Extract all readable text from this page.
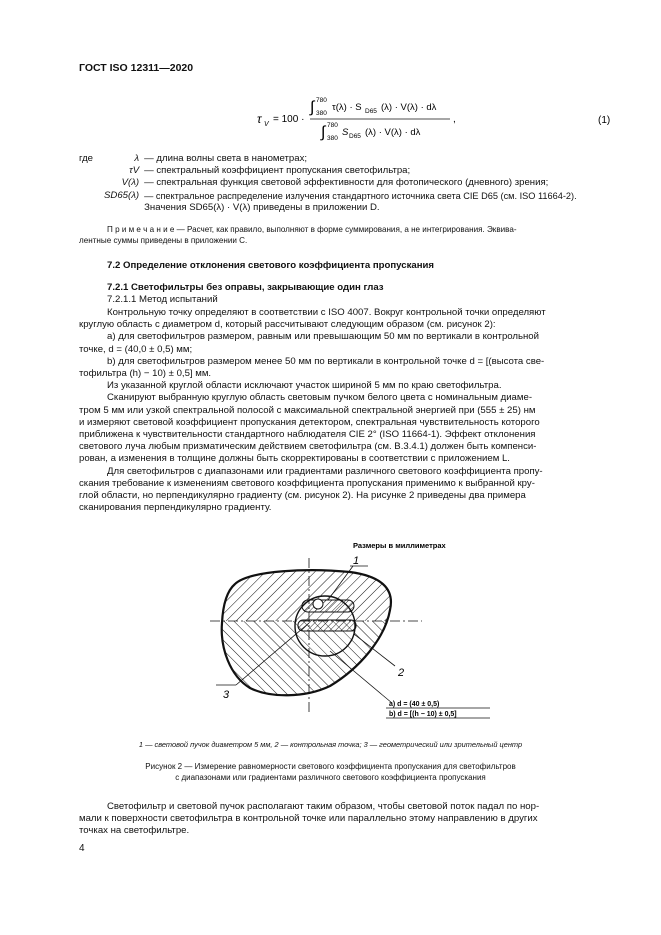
ГОСТ ISO 12311—2020
τ V = 100 ·
∫ 780
380
τ(λ) · S D65 (λ) · V(λ) · dλ
∫ 780
380
S D65 (λ) · V(λ) · dλ
,	(1)
где	λ	— длина волны света в нанометрах;
	τV	— спектральный коэффициент пропускания светофильтра;
	V(λ)	— спектральная функция световой эффективности для фотопического (дневного) зрения;
	SD65(λ)	— спектральное распределение излучения стандартного источника света CIE D65 (см. ISO 11664-2).
		Значения SD65(λ) · V(λ) приведены в приложении D.
П р и м е ч а н и е — Расчет, как правило, выполняют в форме суммирования, а не интегрирования. Эквива-
лентные суммы приведены в приложении C.
7.2 Определение отклонения светового коэффициента пропускания
7.2.1 Светофильтры без оправы, закрывающие один глаз
7.2.1.1 Метод испытаний
Контрольную точку определяют в соответствии с ISO 4007. Вокруг контрольной точки определяют
круглую область с диаметром d, который рассчитывают следующим образом (см. рисунок 2):
а) для светофильтров размером, равным или превышающим 50 мм по вертикали в контрольной
точке, d = (40,0 ± 0,5) мм;
b) для светофильтров размером менее 50 мм по вертикали в контрольной точке d = [(высота све-
тофильтра (h) − 10) ± 0,5] мм.
Из указанной круглой области исключают участок шириной 5 мм по краю светофильтра.
Сканируют выбранную круглую область световым пучком белого цвета с номинальным диаме-
тром 5 мм или узкой спектральной полосой с максимальной спектральной энергией при (555 ± 25) нм
и измеряют световой коэффициент пропускания детектором, спектральная чувствительность которого
приближена к чувствительности стандартного наблюдателя CIE 2° (ISO 11664-1). Эффект отклонения
светового луча любым призматическим действием светофильтра (см. В.3.4.1) должен быть компенси-
рован, а изменения в толщине должны быть скорректированы в соответствии с приложением L.
Для светофильтров с диапазонами или градиентами различного светового коэффициента пропу-
скания требование к изменениям светового коэффициента пропускания применимо к выбранной кру-
глой области, но перпендикулярно градиенту (см. рисунок 2). На рисунке 2 приведены два примера
сканирования перпендикулярно градиенту.
Размеры в миллиметрах
1
2
3
а) d = (40 ± 0,5)
b) d = [(h − 10) ± 0,5]
1 — световой пучок диаметром 5 мм, 2 — контрольная точка; 3 — геометрический или зрительный центр
Рисунок 2 — Измерение равномерности светового коэффициента пропускания для светофильтров
с диапазонами или градиентами различного светового коэффициента пропускания
Светофильтр и световой пучок располагают таким образом, чтобы световой поток падал по нор-
мали к поверхности светофильтра в контрольной точке или параллельно этому направлению в других
точках на светофильтре.
4
